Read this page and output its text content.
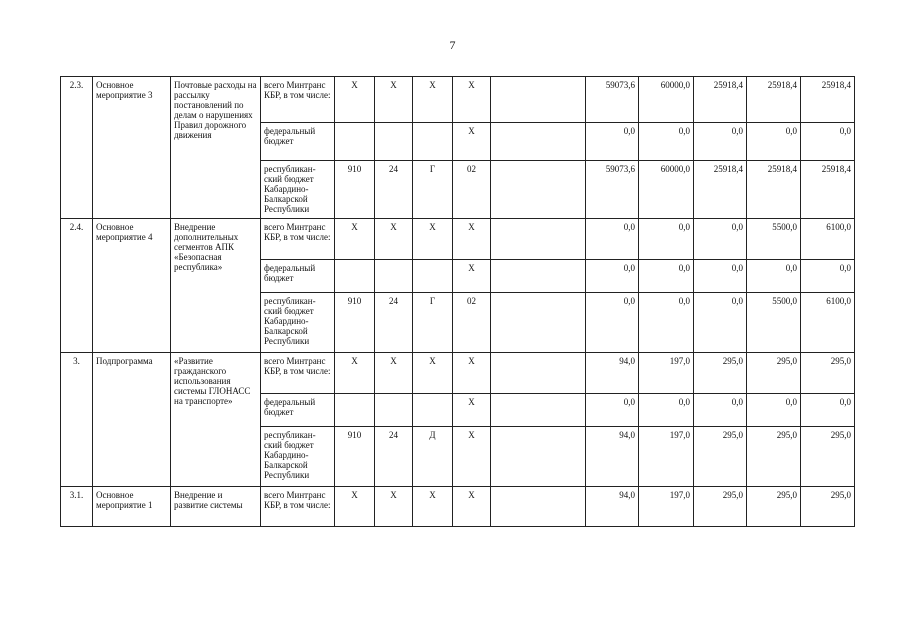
7
2.3.	Основное мероприятие 3	Почтовые расходы на рассылку постановлений по делам о нарушениях Правил дорожного движения	всего Минтранс КБР, в том числе:	Х	Х	Х	Х		59073,6	60000,0	25918,4	25918,4	25918,4
			федеральный бюджет				Х		0,0	0,0	0,0	0,0	0,0
			республикан-ский бюджет Кабардино-Балкарской Республики	910	24	Г	02		59073,6	60000,0	25918,4	25918,4	25918,4
2.4.	Основное мероприятие 4	Внедрение дополнительных сегментов АПК «Безопасная республика»	всего Минтранс КБР, в том числе:	Х	Х	Х	Х		0,0	0,0	0,0	5500,0	6100,0
			федеральный бюджет				Х		0,0	0,0	0,0	0,0	0,0
			республикан-ский бюджет Кабардино-Балкарской Республики	910	24	Г	02		0,0	0,0	0,0	5500,0	6100,0
3.	Подпрограмма	«Развитие гражданского использования системы ГЛОНАСС на транспорте»	всего Минтранс КБР, в том числе:	Х	Х	Х	Х		94,0	197,0	295,0	295,0	295,0
			федеральный бюджет				Х		0,0	0,0	0,0	0,0	0,0
			республикан-ский бюджет Кабардино-Балкарской Республики	910	24	Д	Х		94,0	197,0	295,0	295,0	295,0
3.1.	Основное мероприятие 1	Внедрение и развитие системы	всего Минтранс КБР, в том числе:	Х	Х	Х	Х		94,0	197,0	295,0	295,0	295,0
